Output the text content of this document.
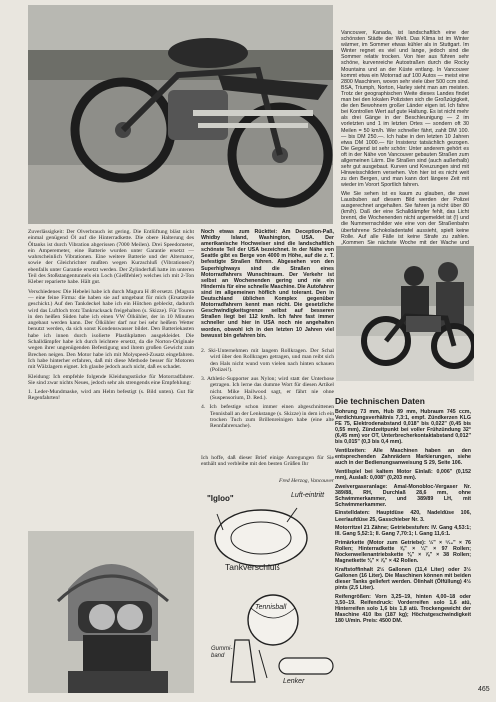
Vancouver, Kanada, ist landschaftlich eine der schönsten Städte der Welt. Das Klima ist im Winter wärmer, im Sommer etwas kühler als in Stuttgart. Im Winter regnet es viel und lange, jedoch sind die Sommer relativ trocken. Von hier aus führen sehr schöne, kurvenreiche Autostraßen durch die Rocky Mountains und an der Küste entlang. In Vancouver kommt etwa ein Motorrad auf 100 Autos — meist eine 2800 Maschinen, wovon sehr viele über 500 ccm sind. BSA, Triumph, Norton, Harley sieht man am meisten. Trotz der geographischen Weite dieses Landes findet man bei den lokalen Polizisten sich die Großzügigkeit, die den Bewohnern großer Länder eigen ist. Ich fahre bei Kontrollen Wert auf gute Haltung. Es ist nicht mehr als drei Gänge in der Beschleunigung — 2 im vorletzten und 1 im letzten Ortes — sondern oft 30 Meilen = 50 km/h. Wer schneller fährt, zahlt DM 100.— bis DM 250.—. Ich habe in den letzten 10 Jahren etwa DM 1000.— für Insistenz tatsächlich gezogen. Die Gegend ist sehr schön: Unter anderem gehört es oft in der Nähe von Vancouver gebauten Straßen zum allgemeinen Lärm. Die Straßen sind (auch außerhalb) sehr gut ausgebaut. Kurven und Kreuzungen sind mit Hinweisschildern versehen. Von hier ist es nicht weit zu den Bergen, und man kann dort längere Zeit mit wieder im Vorort Sportlich fahren.

Wie Sie sehen ist es kaum zu glauben, die zwei Lausbuben auf diesem Bild werden der Polizei ausgerechnet angehalten. Sie fahren ja nicht über 80 (km/h). Daß der eine Schalldämpfer fehlt, das Licht brennt, die Wochenenden nicht angemeldet ist (!) und die Nummernschilder wie eine von der Straßenbahn überfahrene Schokoladentafel aussieht, spielt keine Rolle. Auf alle Fälle ist keine Strafe zu zahlen. „Kommen Sie nächste Woche mit der Wache und

Die technischen Daten

Bohrung 73 mm, Hub 89 mm, Hubraum 745 ccm, Verdichtungsverhältnis 7,3:1, empf. Zündkerzen KLG FE 75, Elektrodenabstand 0,018" bis 0,022" (0,45 bis 0,55 mm), Zündzeitpunkt bei voller Frühzündung 32° (6,45 mm) vor OT, Unterbrecherkontaktabstand 0,012" bis 0,015" (0,3 bis 0,4 mm).

Ventilzeiten: Alle Maschinen haben an den entsprechenden Zahnrädern Markierungen, siehe auch in der Bedienungsanweisung S 29, Seite 106.

Ventilspiel bei kaltem Motor Einlaß: 0,006" (0,152 mm), Auslaß: 0,008" (0,203 mm).

Zweivergaseranlage: Amal-Monobloc-Vergaser Nr. 389/88, RH, Durchlaß 28,6 mm, ohne Schwimmerkammer, und 389/89 LH, mit Schwimmerkammer.

Einstelldaten: Hauptdüse 420, Nadeldüse 106, Leerlaufdüse 25, Gasschieber Nr. 3.

Motorritzel 21 Zähne; Getriebestufen: IV. Gang 4,53:1; III. Gang 5,52:1; II. Gang 7,70:1; I. Gang 11,6:1.

Primärkette (Motor zum Getriebe): ½" × ⁵⁄₁₆" × 76 Rollen; Hinterradkette ⅝" × ¼" × 97 Rollen; Nockenwellenantriebskette ⅜" × ⅞" × 38 Rollen; Magnetkette ⅜" × ⅞" × 42 Rollen.

Kraftstoffinhalt 2½ Gallonen (11,4 Liter) oder 3½ Gallonen (16 Liter). Die Maschinen können mit beiden dieser Tanks geliefert werden. Ölinhalt (Ölfüllung) 4½ pints (2,5 Liter).

Reifengrößen: Vorn 3,25–19, hinten 4,00–18 oder 3,50–19. Reifendruck: Vorderreifen solo 1,6 atü, Hinterreifen solo 1,6 bis 1,8 atü. Trockengewicht der Maschine 410 lbs (187 kg); Höchstgeschwindigkeit 180 U/min. Preis: 4500 DM.

Zuverlässigkeit: Der Ölverbrauch ist gering. Die Entlüftung bläst nicht einmal genügend Öl auf die Hinterradkette. Die obere Halterung des Öltanks ist durch Vibration abgerissen (7000 Meilen). Drei Speedometer, ein Amperemeter, eine Batterie wurden unter Garantie ersetzt — wahrscheinlich Vibrationen. Eine weitere Batterie und der Alternator, sowie der Gleichrichter mußten wegen Kurzschluß (Vibrationen?) ebenfalls unter Garantie ersetzt werden. Der Zylinderfuß hatte im unteren Teil des Stoßstangentunnels ein Loch (Gießfehler) welches ich mit 2-Ton Kleber reparierte habe. Hält gut.

Verschiedenes: Die Hebelei habe ich durch Magura H 48 ersetzt. (Magura — eine feine Firma: die haben sie auf umgebaut für mich (Ersatzteile geschickt.) Auf den Tankdeckel habe ich ein Hütchen gebleckt, dadurch wird das Luftloch trotz Tankrucksack freigehalten (s. Skizze). Für Touren in den heißen Süden habe ich einen VW Ölkühler, der in 10 Minuten angebaut werden kann. Der Ölkühler darf nur bei sehr heißem Wetter benutzt werden, da sich sonst Kondenswasser bildet. Den Batteriekasten habe ich innen durch isolierte Plastikplatten ausgekleidet. Die Schalldämpfer habe ich durch leichtere ersetzt, da die Norton-Originale wegen ihrer ungenügenden Befestigung und ihrem großen Gewicht zum Brechen neigen. Den Motor habe ich mit Molyspeed-Zusatz eingefahren. Ich habe hinterher erfahren, daß mit diese Methode besser für Motoren mit Wälzlagern eignet. Ich glaube jedoch auch nicht, daß es schadet.

Kleidung: Ich empfehle folgende Kleidungsstücke für Motorradfahrer. Sie sind zwar nichts Neues, jedoch sehr als strengends eine Empfehlung:

1. Leder-Mundmaske, wird am Helm befestigt (s. Bild unten). Gut für Regenfahrten!

Noch etwas zum Rückttei: Am Deception-Paß, Whidby Island, Washington, USA. Der amerikanische Hochweiser sind die landschaftlich schönste Teil der USA bezeichnet. In der Nähe von Seattle gibt es Berge von 4000 m Höhe, auf die z. T. befestigte Straßen führen. Abgesehen von den Superhighways sind die Straßen eines Motorradfahrers Wunschtraum. Der Verkehr ist selbst an Wochenenden gering und nie ein Hindernis für eine schnelle Maschine. Die Autofahrer sind im allgemeinen höflich und tolerant. Den in Deutschland üblichen Komplex gegenüber Motorradfahrern kennt man nicht. Die gesetzliche Geschwindigkeitsgrenze selbst auf besseren Straßen liegt bei 112 km/h. Ich fahre fast immer schneller und hier in USA noch nie angehalten worden, obwohl ich in den letzten 10 Jahren viel bewusst bin gefahren bin.

2. Ski-Unternehmen mit langem Rollkragen. Der Schal wird über den Rollkragen getragen, und man reibt sich den Hals nicht wund vom vielen nach hinten schauen (Polizei!).

3. Athletic-Supporter aus Nylon; wird statt der Unterhose getragen. Ich lerne das dumme Wort für diesen Artikel nicht. Mike Hailwood sagt, er fährt nie ohne (Suspensorium, D. Red.).

4. Ich befestige schon immer einen abgeschnittenen Tennisball an der Lenkstange (s. Skizze) in dem ich ein trocken Tuch zum Brillenreinigen habe (eine alte Rennfahrersache).

Ich hoffe, daß dieser Brief einige Anregungen für Sie enthält und verbleibe mit den besten Grüßen Ihr

Fred Herzog, Vancouver
"Igloo"	Luft-eintritt
Tankverschluß
Tennisball
Gummi-band
Lenker
465
